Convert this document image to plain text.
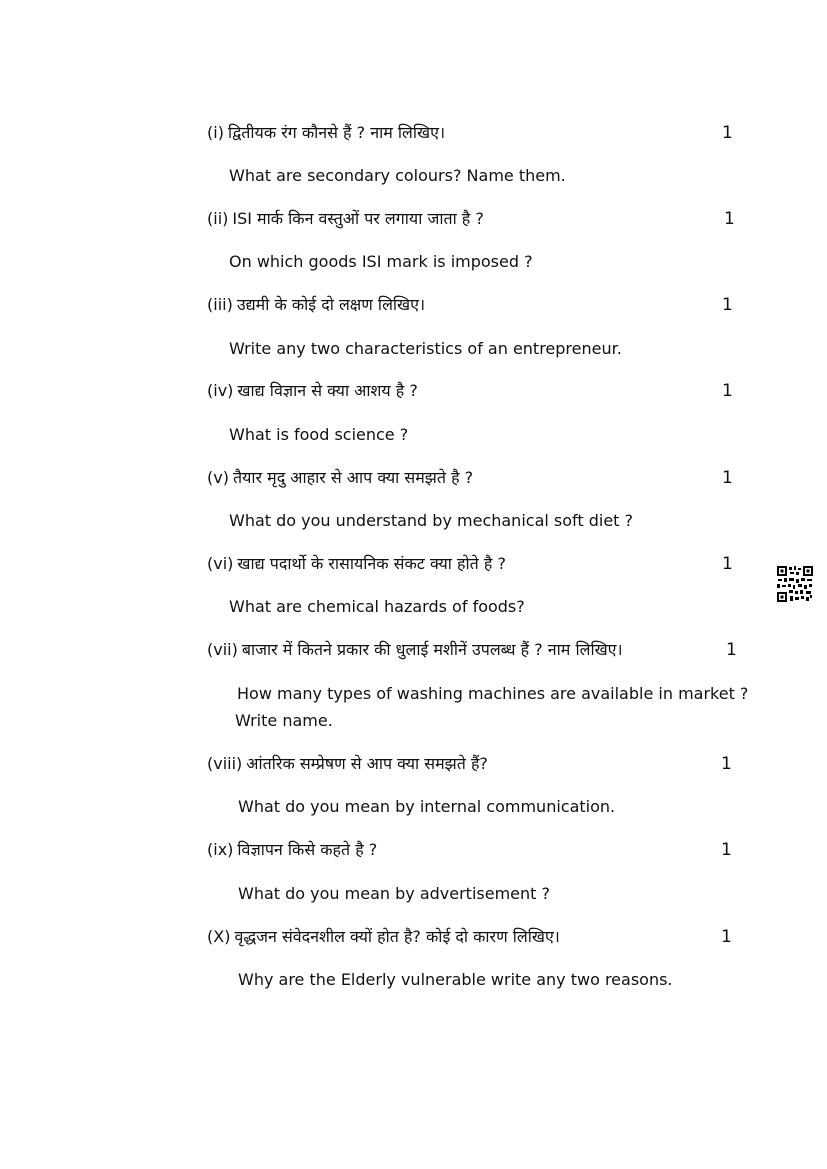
(i) द्वितीयक रंग कौनसे हैं ? नाम लिखिए।	1
What are secondary colours? Name them.
(ii) ISI मार्क किन वस्तुओं पर लगाया जाता है ?	1
On which goods ISI mark is imposed ?
(iii) उद्यमी के कोई दो लक्षण लिखिए।	1
Write any two characteristics of an entrepreneur.
(iv) खाद्य विज्ञान से क्या आशय है ?	1
What is food science ?
(v) तैयार मृदु आहार से आप क्या समझते है ?	1
What do you understand by mechanical soft diet ?
(vi) खाद्य पदार्थो के रासायनिक संकट क्या होते है ?	1
What are chemical hazards of foods?
(vii) बाजार में कितने प्रकार की धुलाई मशीनें उपलब्ध हैं ? नाम लिखिए।	1
How many types of washing machines are available in market ?
Write name.
(viii) आंतरिक सम्प्रेषण से आप क्या समझते हैं?	1
What do you mean by internal communication.
(ix) विज्ञापन किसे कहते है ?	1
What do you mean by advertisement ?
(X) वृद्धजन संवेदनशील क्यों होत है? कोई दो कारण लिखिए।	1
Why are the Elderly vulnerable write any two reasons.
